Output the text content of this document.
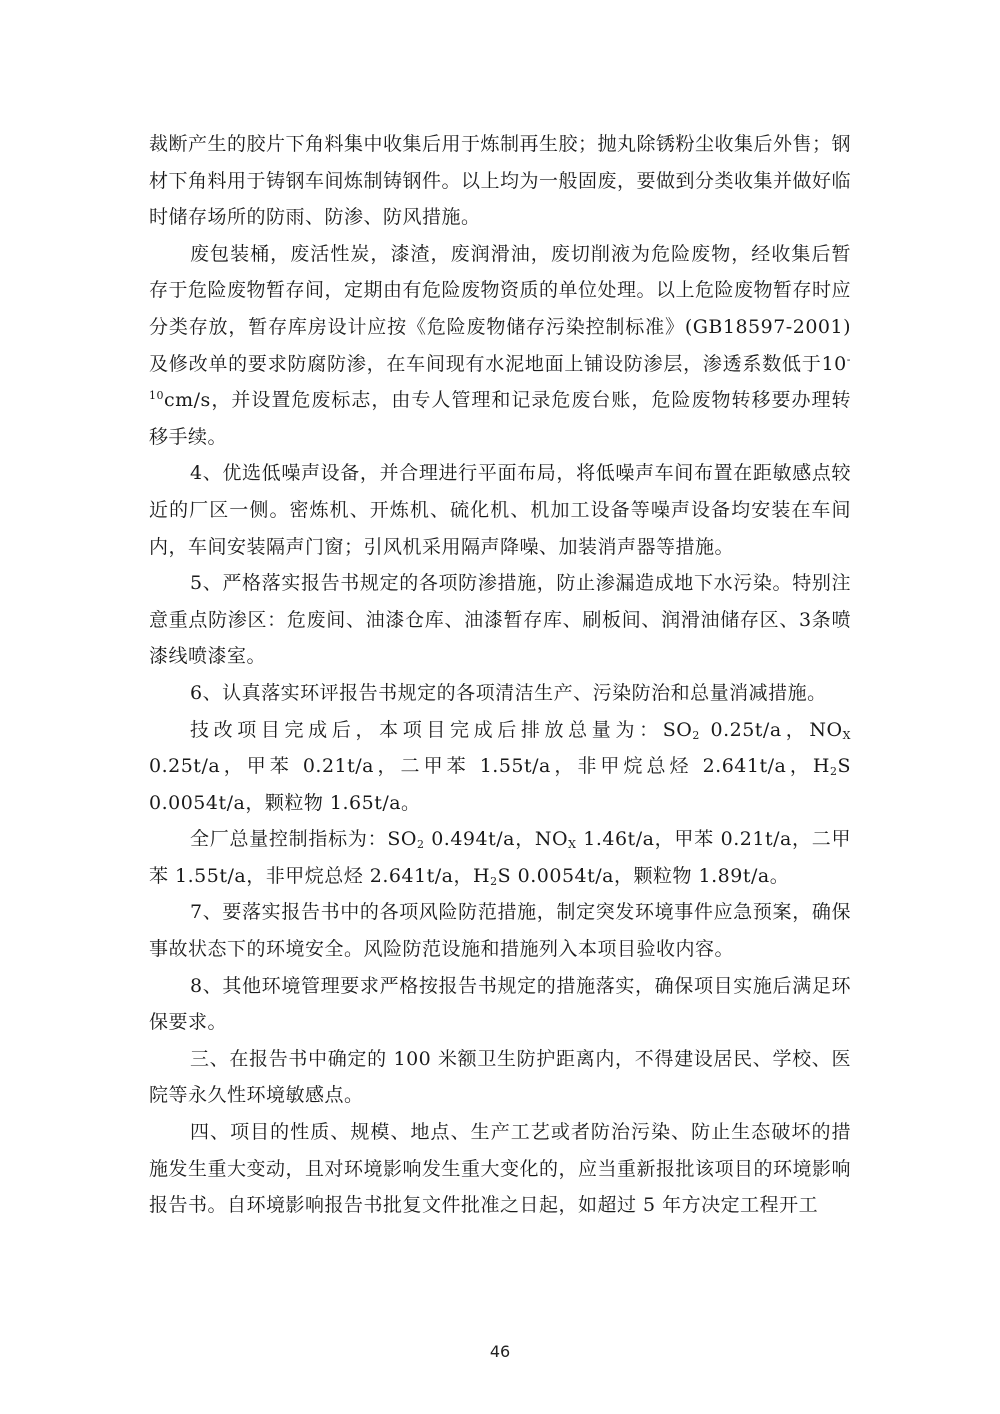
裁断产生的胶片下角料集中收集后用于炼制再生胶；抛丸除锈粉尘收集后外售；钢材下角料用于铸钢车间炼制铸钢件。以上均为一般固废，要做到分类收集并做好临时储存场所的防雨、防渗、防风措施。

废包装桶，废活性炭，漆渣，废润滑油，废切削液为危险废物，经收集后暂存于危险废物暂存间，定期由有危险废物资质的单位处理。以上危险废物暂存时应分类存放，暂存库房设计应按《危险废物储存污染控制标准》(GB18597-2001)及修改单的要求防腐防渗，在车间现有水泥地面上铺设防渗层，渗透系数低于$10^{-10}cm/s$，并设置危废标志，由专人管理和记录危废台账，危险废物转移要办理转移手续。

4、优选低噪声设备，并合理进行平面布局，将低噪声车间布置在距敏感点较近的厂区一侧。密炼机、开炼机、硫化机、机加工设备等噪声设备均安装在车间内，车间安装隔声门窗；引风机采用隔声降噪、加装消声器等措施。

5、严格落实报告书规定的各项防渗措施，防止渗漏造成地下水污染。特别注意重点防渗区：危废间、油漆仓库、油漆暂存库、刷板间、润滑油储存区、3条喷漆线喷漆室。

6、认真落实环评报告书规定的各项清洁生产、污染防治和总量消减措施。

技改项目完成后，本项目完成后排放总量为：$SO_2$ 0.25t/a，$NO_X$ 0.25t/a，甲苯 0.21t/a，二甲苯 1.55t/a，非甲烷总烃 2.641t/a，$H_2S$ 0.0054t/a，颗粒物 1.65t/a。

全厂总量控制指标为：$SO_2$ 0.494t/a，$NO_X$ 1.46t/a，甲苯 0.21t/a，二甲苯 1.55t/a，非甲烷总烃 2.641t/a，$H_2S$ 0.0054t/a，颗粒物 1.89t/a。

7、要落实报告书中的各项风险防范措施，制定突发环境事件应急预案，确保事故状态下的环境安全。风险防范设施和措施列入本项目验收内容。

8、其他环境管理要求严格按报告书规定的措施落实，确保项目实施后满足环保要求。

三、在报告书中确定的 100 米额卫生防护距离内，不得建设居民、学校、医院等永久性环境敏感点。

四、项目的性质、规模、地点、生产工艺或者防治污染、防止生态破坏的措施发生重大变动，且对环境影响发生重大变化的，应当重新报批该项目的环境影响报告书。自环境影响报告书批复文件批准之日起，如超过 5 年方决定工程开工

46
